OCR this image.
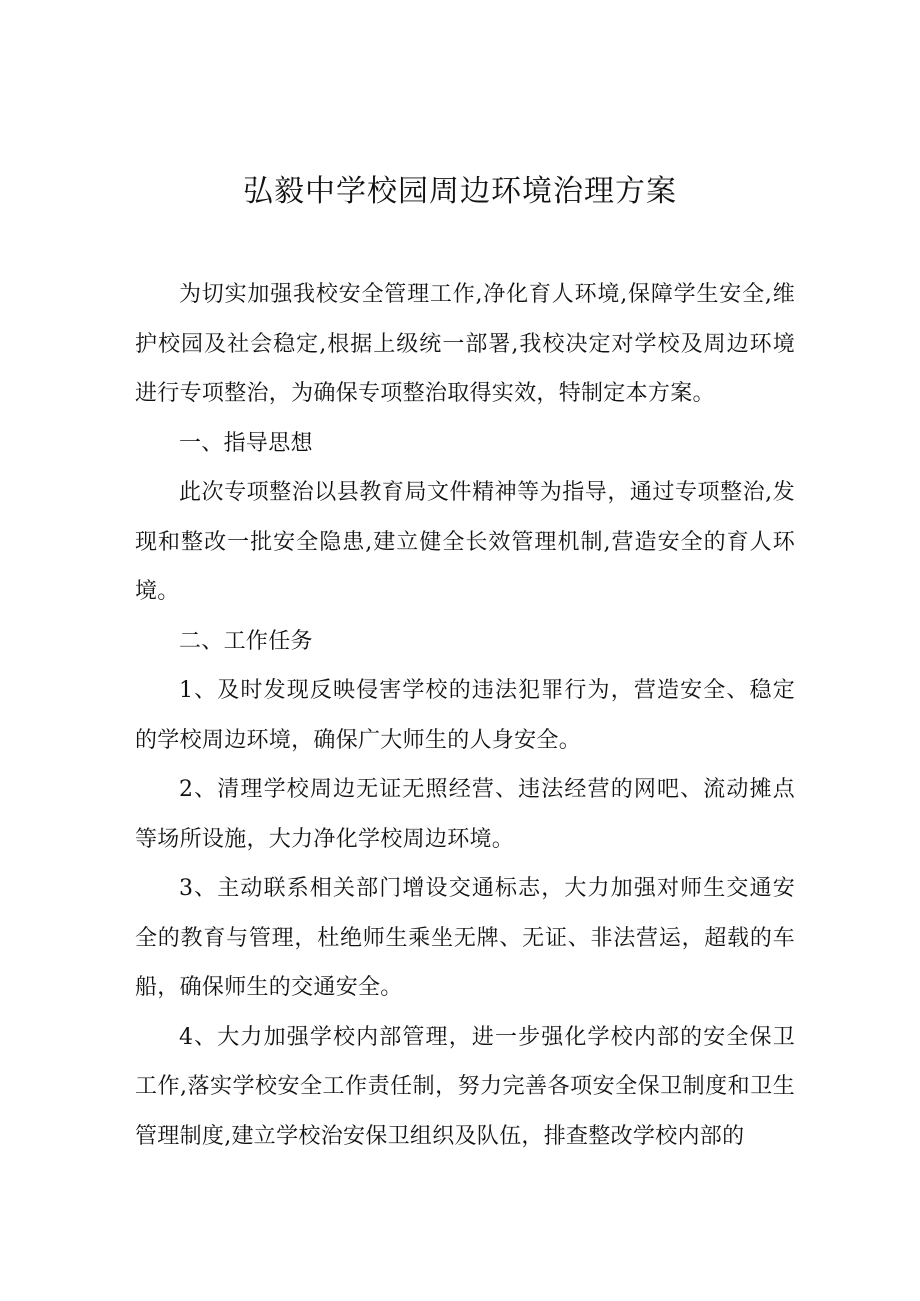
弘毅中学校园周边环境治理方案

为切实加强我校安全管理工作,净化育人环境,保障学生安全,维护校园及社会稳定,根据上级统一部署,我校决定对学校及周边环境进行专项整治，为确保专项整治取得实效，特制定本方案。

一、指导思想

此次专项整治以县教育局文件精神等为指导，通过专项整治,发现和整改一批安全隐患,建立健全长效管理机制,营造安全的育人环境。

二、工作任务

1、及时发现反映侵害学校的违法犯罪行为，营造安全、稳定的学校周边环境，确保广大师生的人身安全。

2、清理学校周边无证无照经营、违法经营的网吧、流动摊点等场所设施，大力净化学校周边环境。

3、主动联系相关部门增设交通标志，大力加强对师生交通安全的教育与管理，杜绝师生乘坐无牌、无证、非法营运，超载的车船，确保师生的交通安全。

4、大力加强学校内部管理，进一步强化学校内部的安全保卫工作,落实学校安全工作责任制，努力完善各项安全保卫制度和卫生管理制度,建立学校治安保卫组织及队伍，排查整改学校内部的
